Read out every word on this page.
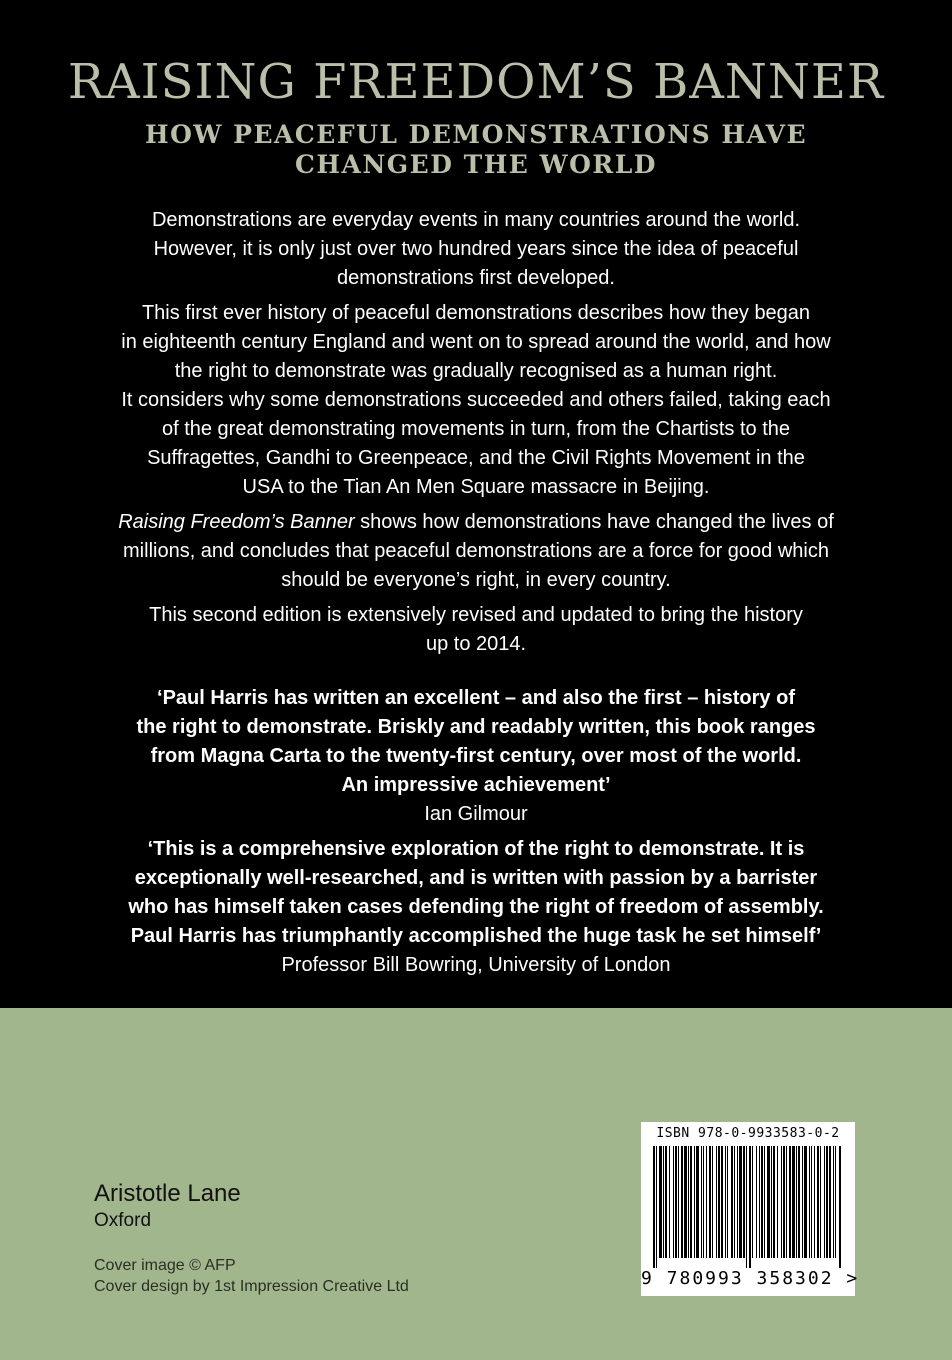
RAISING FREEDOM’S BANNER
HOW PEACEFUL DEMONSTRATIONS HAVE
CHANGED THE WORLD
Demonstrations are everyday events in many countries around the world.
However, it is only just over two hundred years since the idea of peaceful
demonstrations first developed.
This first ever history of peaceful demonstrations describes how they began
in eighteenth century England and went on to spread around the world, and how
the right to demonstrate was gradually recognised as a human right.
It considers why some demonstrations succeeded and others failed, taking each
of the great demonstrating movements in turn, from the Chartists to the
Suffragettes, Gandhi to Greenpeace, and the Civil Rights Movement in the
USA to the Tian An Men Square massacre in Beijing.
Raising Freedom’s Banner shows how demonstrations have changed the lives of
millions, and concludes that peaceful demonstrations are a force for good which
should be everyone’s right, in every country.
This second edition is extensively revised and updated to bring the history
up to 2014.
‘Paul Harris has written an excellent – and also the first – history of
the right to demonstrate. Briskly and readably written, this book ranges
from Magna Carta to the twenty-first century, over most of the world.
An impressive achievement’
Ian Gilmour
‘This is a comprehensive exploration of the right to demonstrate. It is
exceptionally well-researched, and is written with passion by a barrister
who has himself taken cases defending the right of freedom of assembly.
Paul Harris has triumphantly accomplished the huge task he set himself’
Professor Bill Bowring, University of London
Aristotle Lane
Oxford
Cover image © AFP
Cover design by 1st Impression Creative Ltd
ISBN 978-0-9933583-0-2
9 780993 358302 >
